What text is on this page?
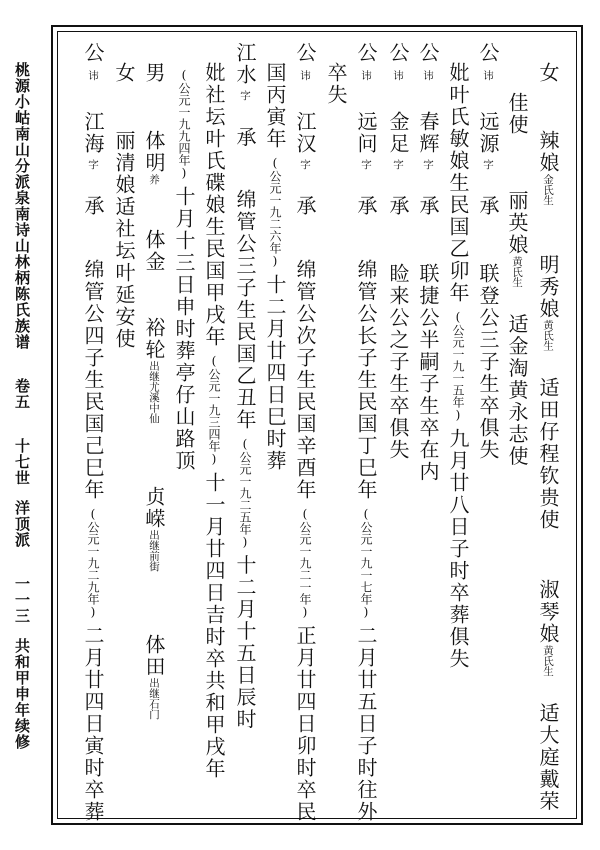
桃源小岵南山分派泉南诗山林柄陈氏族谱卷五十七世洋顶派一一三共和甲申年续修
女 辣娘金氏生 明秀娘黄氏生 适田仔程钦贵使 淑琴娘黄氏生 适大庭戴荣
佳使 丽英娘黄氏生 适金淘黄永志使
公讳 远源字 承 联登公三子生卒俱失
妣叶氏敏娘生民国乙卯年(公元一九一五年)九月廿八日子时卒葬俱失
公讳 春辉字 承 联捷公半嗣子生卒在内
公讳 金足字 承 睑来公之子生卒俱失
公讳 远问字 承 绵管公长子生民国丁巳年(公元一九一七年)二月廿五日子时往外
卒失
公讳 江汉字 承 绵管公次子生民国辛酉年(公元一九二一年)正月廿四日卯时卒民
国丙寅年(公元一九二六年)十二月廿四日巳时葬
江水字 承 绵管公三子生民国乙丑年(公元一九二五年)十二月十五日辰时
妣社坛叶氏碟娘生民国甲戌年(公元一九三四年)十一月廿四日吉时卒共和甲戌年
(公元一九九四年)十月十三日申时葬亭仔山路顶
男 体明养 体金 裕轮出继尤溪中仙 贞嵘出继前街 体田出继石门
女 丽清娘适社坛叶延安使
公讳 江海字 承 绵管公四子生民国己巳年(公元一九二九年)二月廿四日寅时卒葬
